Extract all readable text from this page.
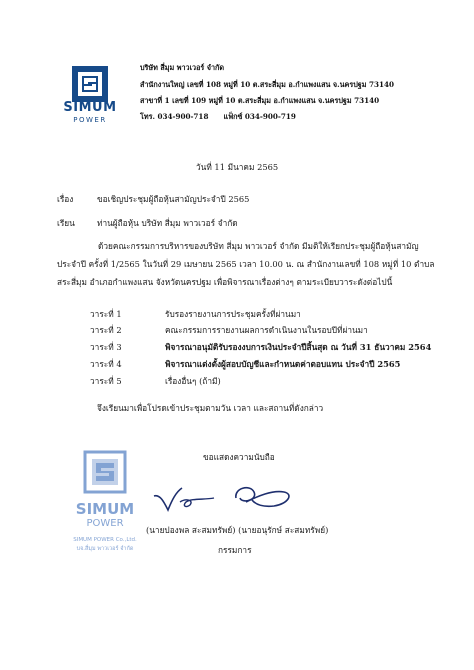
SIMUM
POWER
บริษัท สี่มุม พาวเวอร์ จำกัด
สำนักงานใหญ่ เลขที่ 108 หมู่ที่ 10 ต.สระสี่มุม อ.กำแพงแสน จ.นครปฐม 73140
สาขาที่ 1 เลขที่ 109 หมู่ที่ 10 ต.สระสี่มุม อ.กำแพงแสน จ.นครปฐม 73140
โทร. 034-900-718      แฟ็กซ์ 034-900-719
วันที่ 11 มีนาคม 2565
เรื่อง	ขอเชิญประชุมผู้ถือหุ้นสามัญประจำปี 2565
เรียน	ท่านผู้ถือหุ้น บริษัท สี่มุม พาวเวอร์ จำกัด
ด้วยคณะกรรมการบริหารของบริษัท สี่มุม พาวเวอร์ จำกัด มีมติให้เรียกประชุมผู้ถือหุ้นสามัญ
ประจำปี ครั้งที่ 1/2565 ในวันที่ 29 เมษายน 2565 เวลา 10.00 น. ณ สำนักงานเลขที่ 108 หมู่ที่ 10 ตำบล
สระสี่มุม อำเภอกำแพงแสน จังหวัดนครปฐม เพื่อพิจารณาเรื่องต่างๆ ตามระเบียบวาระดังต่อไปนี้
วาระที่ 1	รับรองรายงานการประชุมครั้งที่ผ่านมา
วาระที่ 2	คณะกรรมการรายงานผลการดำเนินงานในรอบปีที่ผ่านมา
วาระที่ 3	พิจารณาอนุมัติรับรองงบการเงินประจำปีสิ้นสุด ณ วันที่ 31 ธันวาคม 2564
วาระที่ 4	พิจารณาแต่งตั้งผู้สอบบัญชีและกำหนดค่าตอบแทน ประจำปี 2565
วาระที่ 5	เรื่องอื่นๆ (ถ้ามี)
จึงเรียนมาเพื่อโปรดเข้าประชุมตามวัน เวลา และสถานที่ดังกล่าว
ขอแสดงความนับถือ
SIMUM
POWER
SIMUM POWER Co.,Ltd.
บจ.สี่มุม พาวเวอร์ จำกัด
(นายปองพล สะสมทรัพย์) (นายอนุรักษ์ สะสมทรัพย์)
กรรมการ
